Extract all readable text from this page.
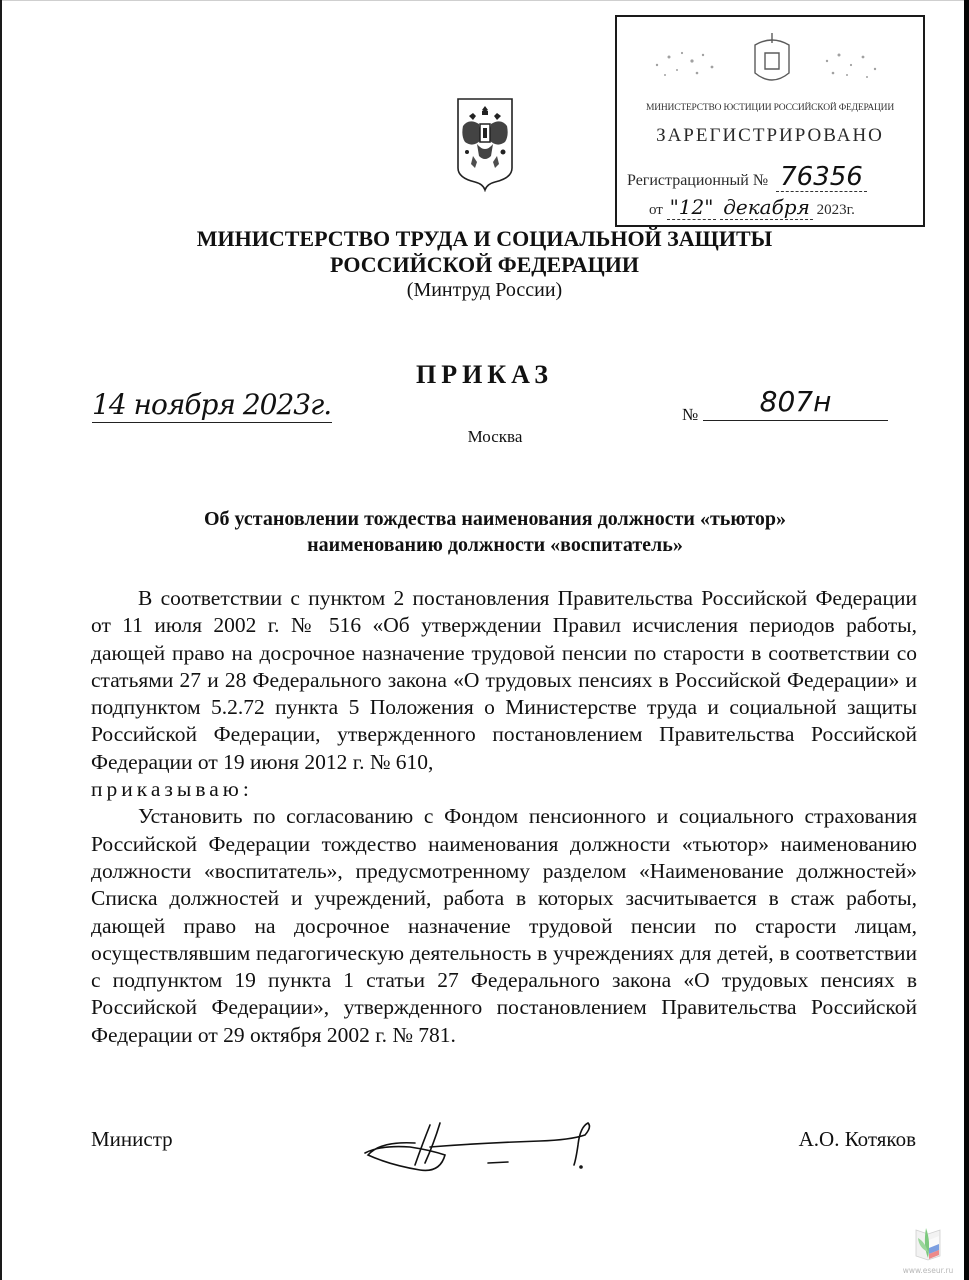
МИНИСТЕРСТВО ЮСТИЦИИ РОССИЙСКОЙ ФЕДЕРАЦИИ
ЗАРЕГИСТРИРОВАНО
Регистрационный № 76356
от "12" декабря 2023г.
МИНИСТЕРСТВО ТРУДА И СОЦИАЛЬНОЙ ЗАЩИТЫ
РОССИЙСКОЙ ФЕДЕРАЦИИ
(Минтруд России)
ПРИКАЗ
14 ноября 2023г.	№	807н
Москва
Об установлении тождества наименования должности «тьютор»
наименованию должности «воспитатель»

В соответствии с пунктом 2 постановления Правительства Российской Федерации от 11 июля 2002 г. № 516 «Об утверждении Правил исчисления периодов работы, дающей право на досрочное назначение трудовой пенсии по старости в соответствии со статьями 27 и 28 Федерального закона «О трудовых пенсиях в Российской Федерации» и подпунктом 5.2.72 пункта 5 Положения о Министерстве труда и социальной защиты Российской Федерации, утвержденного постановлением Правительства Российской Федерации от 19 июня 2012 г. № 610,

приказываю:

Установить по согласованию с Фондом пенсионного и социального страхования Российской Федерации тождество наименования должности «тьютор» наименованию должности «воспитатель», предусмотренному разделом «Наименование должностей» Списка должностей и учреждений, работа в которых засчитывается в стаж работы, дающей право на досрочное назначение трудовой пенсии по старости лицам, осуществлявшим педагогическую деятельность в учреждениях для детей, в соответствии с подпунктом 19 пункта 1 статьи 27 Федерального закона «О трудовых пенсиях в Российской Федерации», утвержденного постановлением Правительства Российской Федерации от 29 октября 2002 г. № 781.

Министр	А.О. Котяков
www.eseur.ru
